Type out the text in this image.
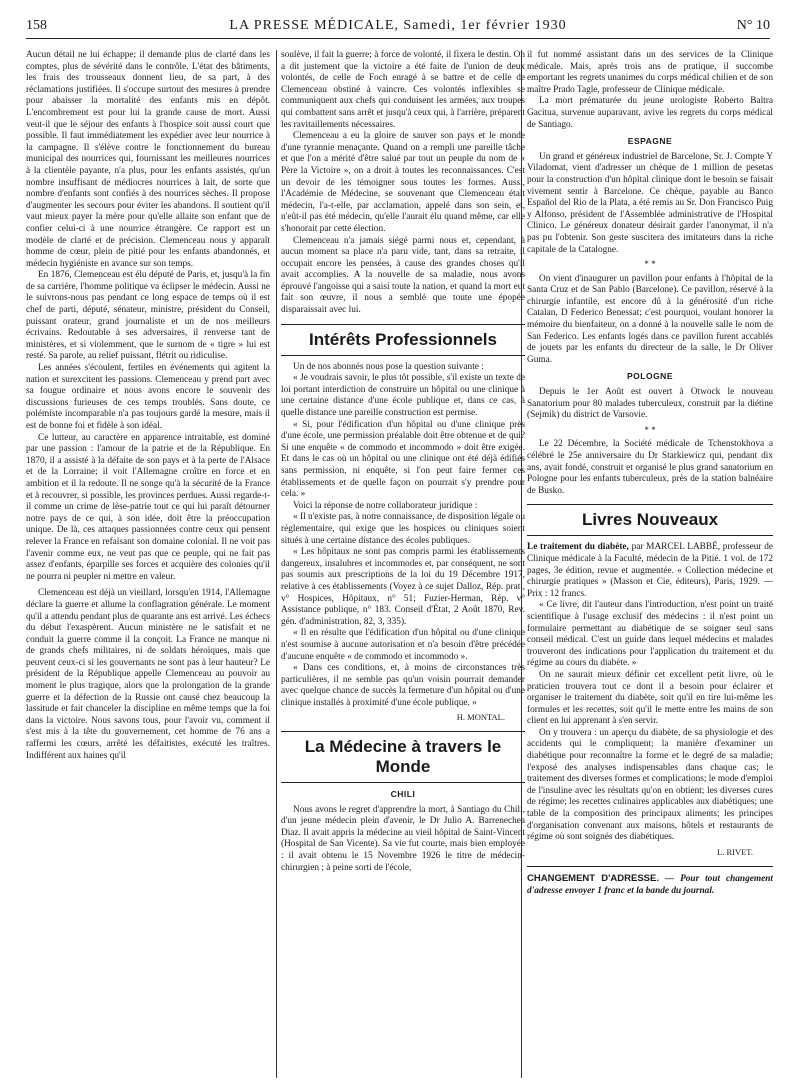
158	LA PRESSE MÉDICALE, Samedi, 1er février 1930	N° 10

Aucun détail ne lui échappe; il demande plus de clarté dans les comptes, plus de sévérité dans le contrôle. L'état des bâtiments, les frais des trousseaux donnent lieu, de sa part, à des réclamations justifiées. Il s'occupe surtout des mesures à prendre pour abaisser la mortalité des enfants mis en dépôt. L'encombrement est pour lui la grande cause de mort. Aussi veut-il que le séjour des enfants à l'hospice soit aussi court que possible. Il faut immédiatement les expédier avec leur nourrice à la campagne. Il s'élève contre le fonctionnement du bureau municipal des nourrices qui, fournissant les meilleures nourrices à la clientèle payante, n'a plus, pour les enfants assistés, qu'un nombre insuffisant de médiocres nourrices à lait, de sorte que nombre d'enfants sont confiés à des nourrices sèches. Il propose d'augmenter les secours pour éviter les abandons. Il soutient qu'il vaut mieux payer la mère pour qu'elle allaite son enfant que de confier celui-ci à une nourrice étrangère. Ce rapport est un modèle de clarté et de précision. Clemenceau nous y apparaît homme de cœur, plein de pitié pour les enfants abandonnés, et médecin hygiéniste en avance sur son temps.

En 1876, Clemenceau est élu député de Paris, et, jusqu'à la fin de sa carrière, l'homme politique va éclipser le médecin. Aussi ne le suivrons-nous pas pendant ce long espace de temps où il est chef de parti, député, sénateur, ministre, président du Conseil, puissant orateur, grand journaliste et un de nos meilleurs écrivains. Redoutable à ses adversaires, il renverse tant de ministères, et si violemment, que le surnom de « tigre » lui est resté. Sa parole, au relief puissant, flétrit ou ridiculise.

Les années s'écoulent, fertiles en événements qui agitent la nation et surexcitent les passions. Clemenceau y prend part avec sa fougue ordinaire et nous avons encore le souvenir des discussions furieuses de ces temps troublés. Sans doute, ce polémiste incomparable n'a pas toujours gardé la mesure, mais il est de bonne foi et fidèle à son idéal.

Ce lutteur, au caractère en apparence intraitable, est dominé par une passion : l'amour de la patrie et de la République. En 1870, il a assisté à la défaite de son pays et à la perte de l'Alsace et de la Lorraine; il voit l'Allemagne croître en force et en ambition et il la redoute. Il ne songe qu'à la sécurité de la France et à recouvrer, si possible, les provinces perdues. Aussi regarde-t-il comme un crime de lèse-patrie tout ce qui lui paraît détourner notre pays de ce qui, à son idée, doit être la préoccupation unique. De là, ces attaques passionnées contre ceux qui pensent relever la France en refaisant son domaine colonial. Il ne voit pas l'avenir comme eux, ne veut pas que ce peuple, qui ne fait pas assez d'enfants, éparpille ses forces et acquière des colonies qu'il ne pourra ni peupler ni mettre en valeur.

Clemenceau est déjà un vieillard, lorsqu'en 1914, l'Allemagne déclare la guerre et allume la conflagration générale. Le moment qu'il a attendu pendant plus de quarante ans est arrivé. Les échecs du début l'exaspèrent. Aucun ministère ne le satisfait et ne conduit la guerre comme il la conçoit. La France ne manque ni de grands chefs militaires, ni de soldats héroïques, mais que peuvent ceux-ci si les gouvernants ne sont pas à leur hauteur? Le président de la République appelle Clemenceau au pouvoir au moment le plus tragique, alors que la prolongation de la grande guerre et la défection de la Russie ont causé chez beaucoup la lassitude et fait chanceler la discipline en même temps que la foi dans la victoire. Nous savons tous, pour l'avoir vu, comment il s'est mis à la tête du gouvernement, cet homme de 76 ans a raffermi les cœurs, arrêté les défaitistes, exécuté les traîtres. Indifférent aux haines qu'il

soulève, il fait la guerre; à force de volonté, il fixera le destin. On a dit justement que la victoire a été faite de l'union de deux volontés, de celle de Foch enragé à se battre et de celle de Clemenceau obstiné à vaincre. Ces volontés inflexibles se communiquent aux chefs qui conduisent les armées, aux troupes qui combattent sans arrêt et jusqu'à ceux qui, à l'arrière, préparent les ravitaillements nécessaires.

Clemenceau a eu la gloire de sauver son pays et le monde d'une tyrannie menaçante. Quand on a rempli une pareille tâche et que l'on a mérité d'être salué par tout un peuple du nom de « Père la Victoire », on a droit à toutes les reconnaissances. C'est un devoir de les témoigner sous toutes les formes. Aussi, l'Académie de Médecine, se souvenant que Clemenceau était médecin, l'a-t-elle, par acclamation, appelé dans son sein, et, n'eût-il pas été médecin, qu'elle l'aurait élu quand même, car elle s'honorait par cette élection.

Clemenceau n'a jamais siégé parmi nous et, cependant, à aucun moment sa place n'a paru vide, tant, dans sa retraite, il occupait encore les pensées, à cause des grandes choses qu'il avait accomplies. A la nouvelle de sa maladie, nous avons éprouvé l'angoisse qui a saisi toute la nation, et quand la mort eut fait son œuvre, il nous a semblé que toute une épopée disparaissait avec lui.

Intérêts Professionnels

Un de nos abonnés nous pose la question suivante :

« Je voudrais savoir, le plus tôt possible, s'il existe un texte de loi portant interdiction de construire un hôpital ou une clinique à une certaine distance d'une école publique et, dans ce cas, à quelle distance une pareille construction est permise.

« Si, pour l'édification d'un hôpital ou d'une clinique près d'une école, une permission préalable doit être obtenue et de qui? Si une enquête « de commodo et incommodo » doit être exigée. Et dans le cas où un hôpital ou une clinique ont été déjà édifiés sans permission, ni enquête, si l'on peut faire fermer ces établissements et de quelle façon on pourrait s'y prendre pour cela. »

Voici la réponse de notre collaborateur juridique :

« Il n'existe pas, à notre connaissance, de disposition légale ou réglementaire, qui exige que les hospices ou cliniques soient situés à une certaine distance des écoles publiques.

« Les hôpitaux ne sont pas compris parmi les établissements dangereux, insalubres et incommodes et, par conséquent, ne sont pas soumis aux prescriptions de la loi du 19 Décembre 1917, relative à ces établissements (Voyez à ce sujet Dalloz, Rép. prat., v° Hospices, Hôpitaux, n° 51; Fuzier-Herman, Rép. v° Assistance publique, n° 183. Conseil d'État, 2 Août 1870, Rev. gén. d'administration, 82, 3, 335).

« Il en résulte que l'édification d'un hôpital ou d'une clinique n'est soumise à aucune autorisation et n'a besoin d'être précédée d'aucune enquête « de commodo et incommodo ».

« Dans ces conditions, et, à moins de circonstances très particulières, il ne semble pas qu'un voisin pourrait demander avec quelque chance de succès la fermeture d'un hôpital ou d'une clinique installés à proximité d'une école publique. »

H. MONTAL.
La Médecine à travers le Monde
CHILI

Nous avons le regret d'apprendre la mort, à Santiago du Chili, d'un jeune médecin plein d'avenir, le Dr Julio A. Barrenechea Diaz. Il avait appris la médecine au vieil hôpital de Saint-Vincent (Hospital de San Vicente). Sa vie fut courte, mais bien employée : il avait obtenu le 15 Novembre 1926 le titre de médecin-chirurgien ; à peine sorti de l'école,

il fut nommé assistant dans un des services de la Clinique médicale. Mais, après trois ans de pratique, il succombe emportant les regrets unanimes du corps médical chilien et de son maître Prado Tagle, professeur de Clinique médicale.

La mort prématurée du jeune urologiste Roberto Baltra Gacitua, survenue auparavant, avive les regrets du corps médical de Santiago.

ESPAGNE

Un grand et généreux industriel de Barcelone, Sr. J. Compte Y Viladomat, vient d'adresser un chèque de 1 million de pesetas pour la construction d'un hôpital clinique dont le besoin se faisait vivement sentir à Barcelone. Ce chèque, payable au Banco Español del Rio de la Plata, a été remis au Sr. Don Francisco Puig y Alfonso, président de l'Assemblée administrative de l'Hospital Clinico. Le généreux donateur désirait garder l'anonymat, il n'a pas pu l'obtenir. Son geste suscitera des imitateurs dans la riche capitale de la Catalogne.

* *

On vient d'inaugurer un pavillon pour enfants à l'hôpital de la Santa Cruz et de San Pablo (Barcelone). Ce pavillon, réservé à la chirurgie infantile, est encore dû à la générosité d'un riche Catalan, D Federico Benessat; c'est pourquoi, voulant honorer la mémoire du bienfaiteur, on a donné à la nouvelle salle le nom de San Federico. Les enfants logés dans ce pavillon furent accablés de jouets par les enfants du directeur de la salle, le Dr Oliver Guma.

POLOGNE

Depuis le 1er Août est ouvert à Otwock le nouveau Sanatorium pour 80 malades tuberculeux, construit par la diétine (Sejmik) du district de Varsovie.

* *

Le 22 Décembre, la Société médicale de Tchenstokhova a célébré le 25e anniversaire du Dr Starkiewicz qui, pendant dix ans, avait fondé, construit et organisé le plus grand sanatorium en Pologne pour les enfants tuberculeux, près de la station balnéaire de Busko.

Livres Nouveaux

Le traitement du diabète, par MARCEL LABBÉ, professeur de Clinique médicale à la Faculté, médecin de la Pitié. 1 vol. de 172 pages, 3e édition, revue et augmentée. « Collection médecine et chirurgie pratiques » (Masson et Cie, éditeurs), Paris, 1929. — Prix : 12 francs.

« Ce livre, dit l'auteur dans l'introduction, n'est point un traité scientifique à l'usage exclusif des médecins : il n'est point un formulaire permettant au diabétique de se soigner seul sans conseil médical. C'est un guide dans lequel médecins et malades trouveront des indications pour l'application du traitement et du régime au cours du diabète. »

On ne saurait mieux définir cet excellent petit livre, où le praticien trouvera tout ce dont il a besoin pour éclairer et organiser le traitement du diabète, soit qu'il en tire lui-même les formules et les recettes, soit qu'il le mette entre les mains de son client en lui apprenant à s'en servir.

On y trouvera : un aperçu du diabète, de sa physiologie et des accidents qui le compliquent; la manière d'examiner un diabétique pour reconnaître la forme et le degré de sa maladie; l'exposé des analyses indispensables dans chaque cas; le traitement des diverses formes et complications; le mode d'emploi de l'insuline avec les résultats qu'on en obtient; les diverses cures de régime; les recettes culinaires applicables aux diabétiques; une table de la composition des principaux aliments; les principes d'organisation convenant aux maisons, hôtels et restaurants de régime où sont soignés des diabétiques.

L. RIVET.

CHANGEMENT D'ADRESSE. — Pour tout changement d'adresse envoyer 1 franc et la bande du journal.
